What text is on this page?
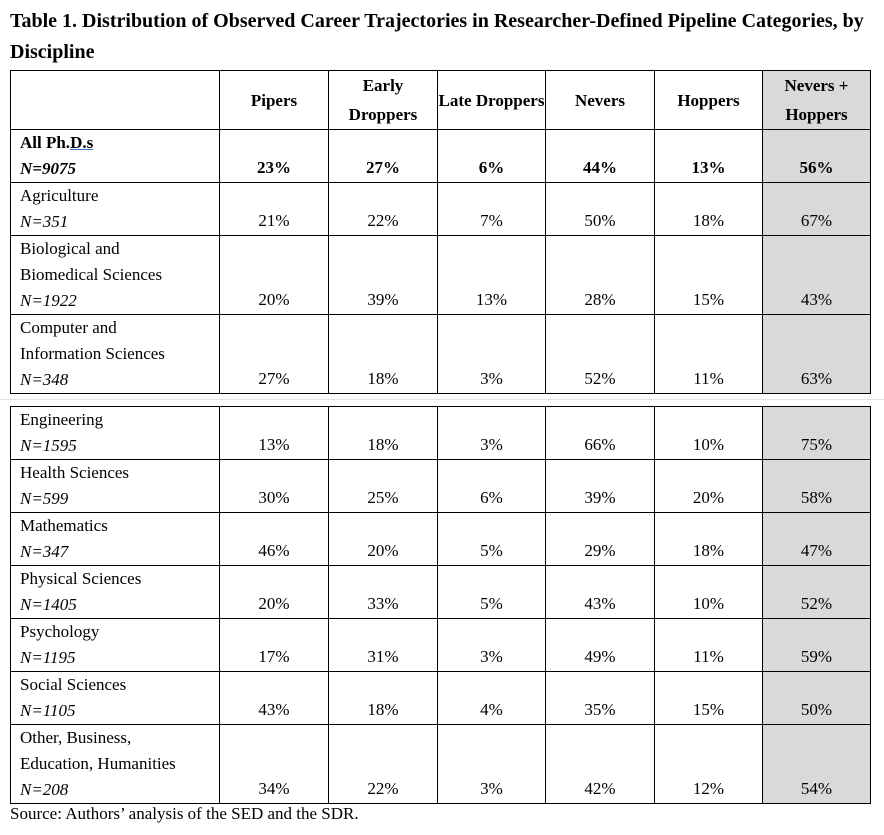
Table 1. Distribution of Observed Career Trajectories in Researcher-Defined Pipeline Categories, by Discipline
	Pipers	Early Droppers	Late Droppers	Nevers	Hoppers	Nevers + Hoppers

All Ph.D.s
N=9075	23%	27%	6%	44%	13%	56%

Agriculture
N=351	21%	22%	7%	50%	18%	67%

Biological and
Biomedical Sciences
N=1922	20%	39%	13%	28%	15%	43%

Computer and
Information Sciences
N=348	27%	18%	3%	52%	11%	63%
Engineering
N=1595	13%	18%	3%	66%	10%	75%

Health Sciences
N=599	30%	25%	6%	39%	20%	58%

Mathematics
N=347	46%	20%	5%	29%	18%	47%

Physical Sciences
N=1405	20%	33%	5%	43%	10%	52%

Psychology
N=1195	17%	31%	3%	49%	11%	59%

Social Sciences
N=1105	43%	18%	4%	35%	15%	50%

Other, Business,
Education, Humanities
N=208	34%	22%	3%	42%	12%	54%
Source: Authors’ analysis of the SED and the SDR.
